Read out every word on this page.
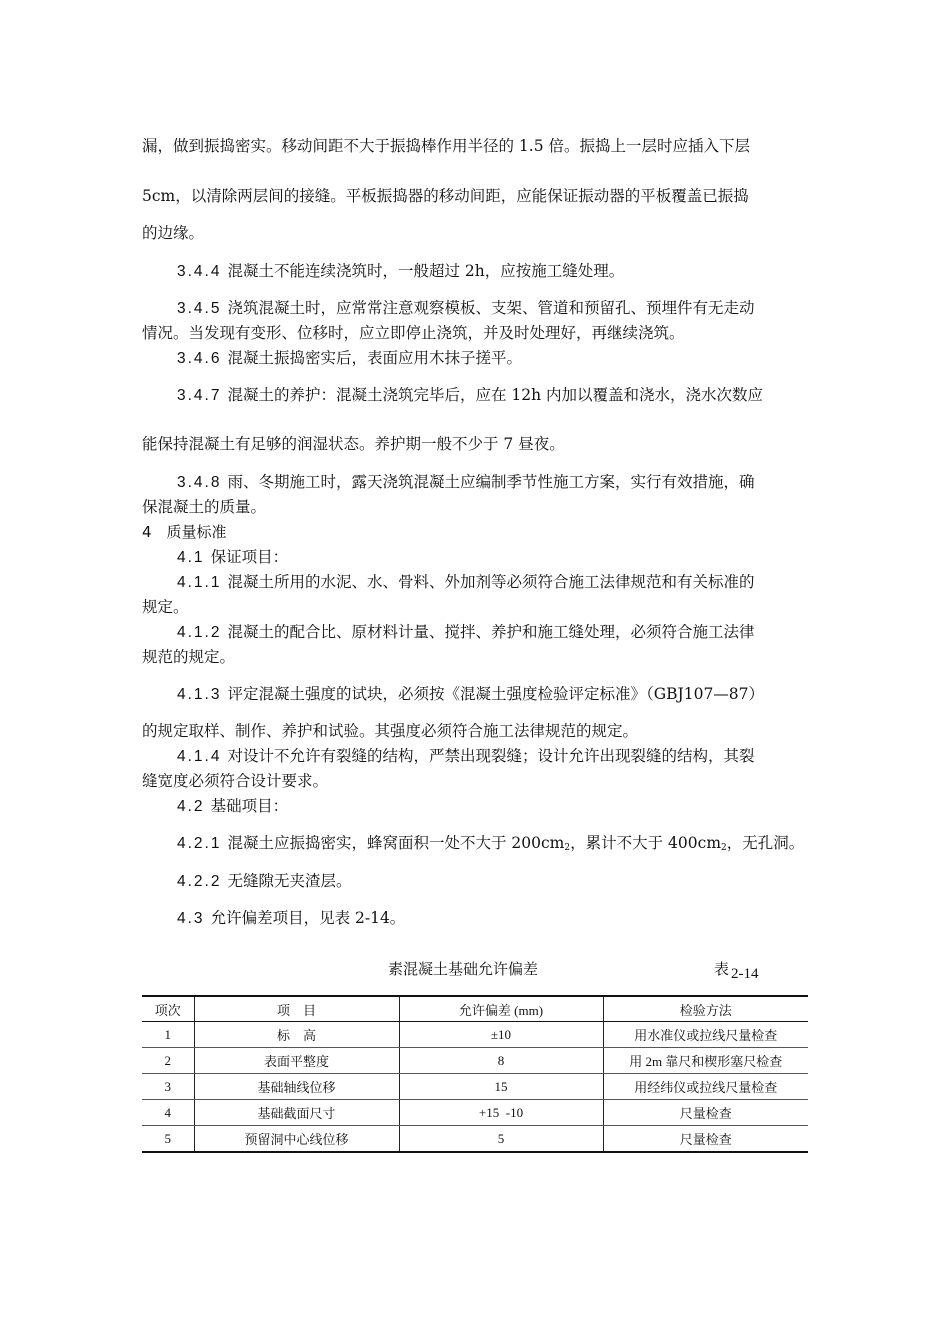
漏，做到振捣密实。移动间距不大于振捣棒作用半径的 1.5 倍。振捣上一层时应插入下层
5cm，以清除两层间的接缝。平板振捣器的移动间距，应能保证振动器的平板覆盖已振捣
的边缘。
3.4.4 混凝土不能连续浇筑时，一般超过 2h，应按施工缝处理。
3.4.5 浇筑混凝土时，应常常注意观察模板、支架、管道和预留孔、预埋件有无走动
情况。当发现有变形、位移时，应立即停止浇筑，并及时处理好，再继续浇筑。
3.4.6 混凝土振捣密实后，表面应用木抹子搓平。
3.4.7 混凝土的养护：混凝土浇筑完毕后，应在 12h 内加以覆盖和浇水，浇水次数应
能保持混凝土有足够的润湿状态。养护期一般不少于 7 昼夜。
3.4.8 雨、冬期施工时，露天浇筑混凝土应编制季节性施工方案，实行有效措施，确
保混凝土的质量。
4　质量标准
4.1 保证项目：
4.1.1 混凝土所用的水泥、水、骨料、外加剂等必须符合施工法律规范和有关标准的
规定。
4.1.2 混凝土的配合比、原材料计量、搅拌、养护和施工缝处理，必须符合施工法律
规范的规定。
4.1.3 评定混凝土强度的试块，必须按《混凝土强度检验评定标准》（GBJ107—87）
的规定取样、制作、养护和试验。其强度必须符合施工法律规范的规定。
4.1.4 对设计不允许有裂缝的结构，严禁出现裂缝；设计允许出现裂缝的结构，其裂
缝宽度必须符合设计要求。
4.2 基础项目：
4.2.1 混凝土应振捣密实，蜂窝面积一处不大于 $200cm_2$，累计不大于 $400cm_2$，无孔洞。
4.2.2 无缝隙无夹渣层。
4.3 允许偏差项目，见表 2-14。
素混凝土基础允许偏差	表 2-14
项次	项　目	允许偏差 (mm)	检验方法
1	标　高	±10	用水准仪或拉线尺量检查
2	表面平整度	8	用 2m 靠尺和楔形塞尺检查
3	基础轴线位移	15	用经纬仪或拉线尺量检查
4	基础截面尺寸	+15  -10	尺量检查
5	预留洞中心线位移	5	尺量检查
